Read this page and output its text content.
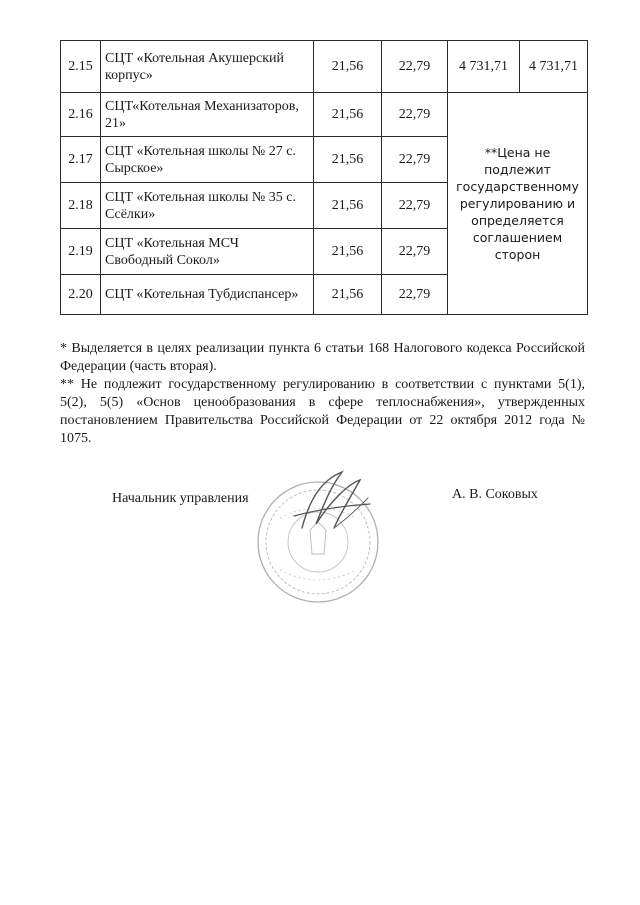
2.15	СЦТ «Котельная Акушерский корпус»	21,56	22,79	4 731,71	4 731,71
2.16	СЦТ«Котельная Механизаторов, 21»	21,56	22,79	**Цена не подлежит государственному регулированию и определяется соглашением сторон	
2.17	СЦТ «Котельная школы № 27 с. Сырское»	21,56	22,79		
2.18	СЦТ «Котельная школы № 35 с. Ссёлки»	21,56	22,79		
2.19	СЦТ «Котельная МСЧ Свободный Сокол»	21,56	22,79		
2.20	СЦТ «Котельная Тубдиспансер»	21,56	22,79		

* Выделяется в целях реализации пункта 6 статьи 168 Налогового кодекса Российской Федерации (часть вторая).

** Не подлежит государственному регулированию в соответствии с пунктами 5(1), 5(2), 5(5) «Основ ценообразования в сфере теплоснабжения», утвержденных постановлением Правительства Российской Федерации от 22 октября 2012 года № 1075.

Начальник управления	А. В. Соковых
